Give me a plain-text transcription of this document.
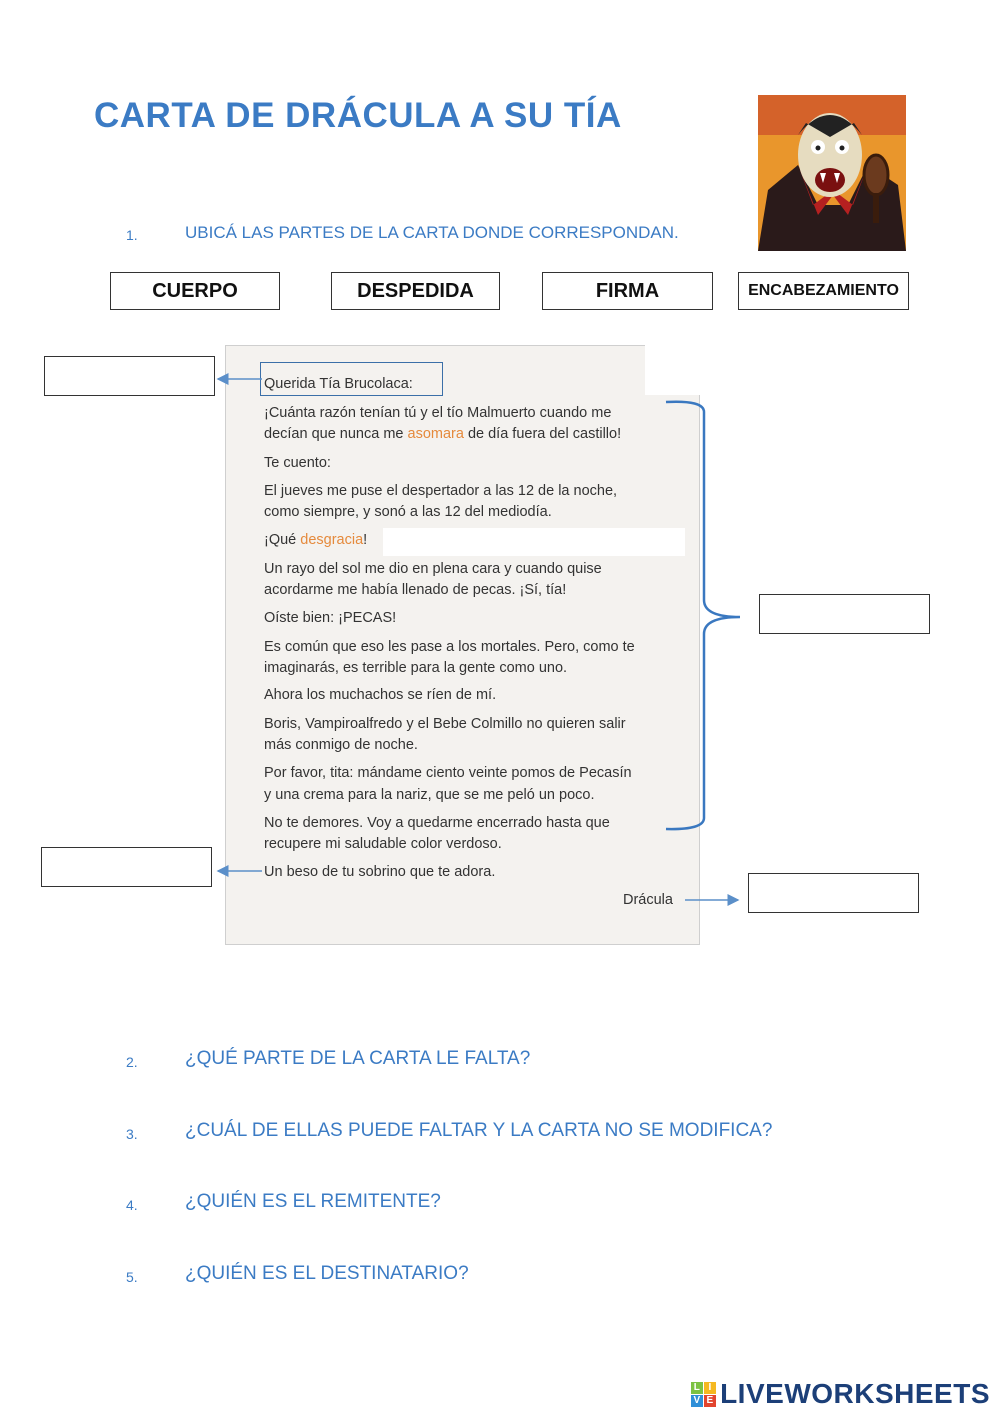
CARTA DE DRÁCULA A SU TÍA
1.	UBICÁ LAS PARTES DE LA CARTA DONDE CORRESPONDAN.
CUERPO	DESPEDIDA	FIRMA	ENCABEZAMIENTO
Querida Tía Brucolaca:
¡Cuánta razón tenían tú y el tío Malmuerto cuando me
decían que nunca me asomara de día fuera del castillo!
Te cuento:
El jueves me puse el despertador a las 12 de la noche,
como siempre, y sonó a las 12 del mediodía.
¡Qué desgracia!
Un rayo del sol me dio en plena cara y cuando quise
acordarme me había llenado de pecas. ¡Sí, tía!
Oíste bien: ¡PECAS!
Es común que eso les pase a los mortales. Pero, como te
imaginarás, es terrible para la gente como uno.
Ahora los muchachos se ríen de mí.
Boris, Vampiroalfredo y el Bebe Colmillo no quieren salir
más conmigo de noche.
Por favor, tita: mándame ciento veinte pomos de Pecasín
y una crema para la nariz, que se me peló un poco.
No te demores. Voy a quedarme encerrado hasta que
recupere mi saludable color verdoso.
Un beso de tu sobrino que te adora.
Drácula
2. ¿QUÉ PARTE DE LA CARTA LE FALTA?
3. ¿CUÁL DE ELLAS PUEDE FALTAR Y LA CARTA NO SE MODIFICA?
4. ¿QUIÉN ES EL REMITENTE?
5. ¿QUIÉN ES EL DESTINATARIO?
L I
V E LIVEWORKSHEETS
